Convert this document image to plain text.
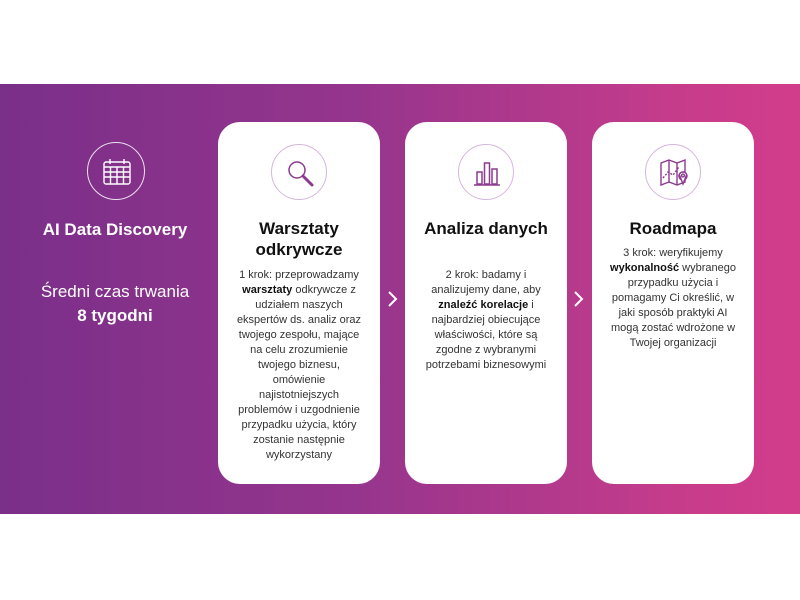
AI Data Discovery
Średni czas trwania
8 tygodni
Warsztaty odkrywcze
1 krok: przeprowadzamy warsztaty odkrywcze z udziałem naszych ekspertów ds. analiz oraz twojego zespołu, mające na celu zrozumienie twojego biznesu, omówienie najistotniejszych problemów i uzgodnienie przypadku użycia, który zostanie następnie wykorzystany
Analiza danych
2 krok: badamy i analizujemy dane, aby znaleźć korelacje i najbardziej obiecujące właściwości, które są zgodne z wybranymi potrzebami biznesowymi
Roadmapa
3 krok: weryfikujemy wykonalność wybranego przypadku użycia i pomagamy Ci określić, w jaki sposób praktyki AI mogą zostać wdrożone w Twojej organizacji
